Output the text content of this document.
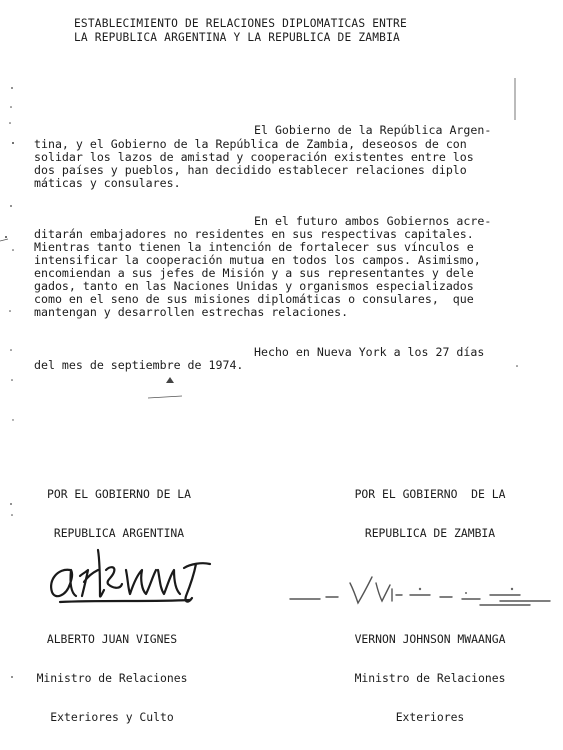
ESTABLECIMIENTO DE RELACIONES DIPLOMATICAS ENTRE
LA REPUBLICA ARGENTINA Y LA REPUBLICA DE ZAMBIA
El Gobierno de la República Argen-
tina, y el Gobierno de la República de Zambia, deseosos de con
solidar los lazos de amistad y cooperación existentes entre los
dos países y pueblos, han decidido establecer relaciones diplo
máticas y consulares.
En el futuro ambos Gobiernos acre-
ditarán embajadores no residentes en sus respectivas capitales.
Mientras tanto tienen la intención de fortalecer sus vínculos e
intensificar la cooperación mutua en todos los campos. Asimismo,
encomiendan a sus jefes de Misión y a sus representantes y dele
gados, tanto en las Naciones Unidas y organismos especializados
como en el seno de sus misiones diplomáticas o consulares,  que
mantengan y desarrollen estrechas relaciones.
Hecho en Nueva York a los 27 días
del mes de septiembre de 1974.

POR EL GOBIERNO DE LA

REPUBLICA ARGENTINA

POR EL GOBIERNO  DE LA

REPUBLICA DE ZAMBIA

ALBERTO JUAN VIGNES

Ministro de Relaciones

Exteriores y Culto

VERNON JOHNSON MWAANGA

Ministro de Relaciones

Exteriores
